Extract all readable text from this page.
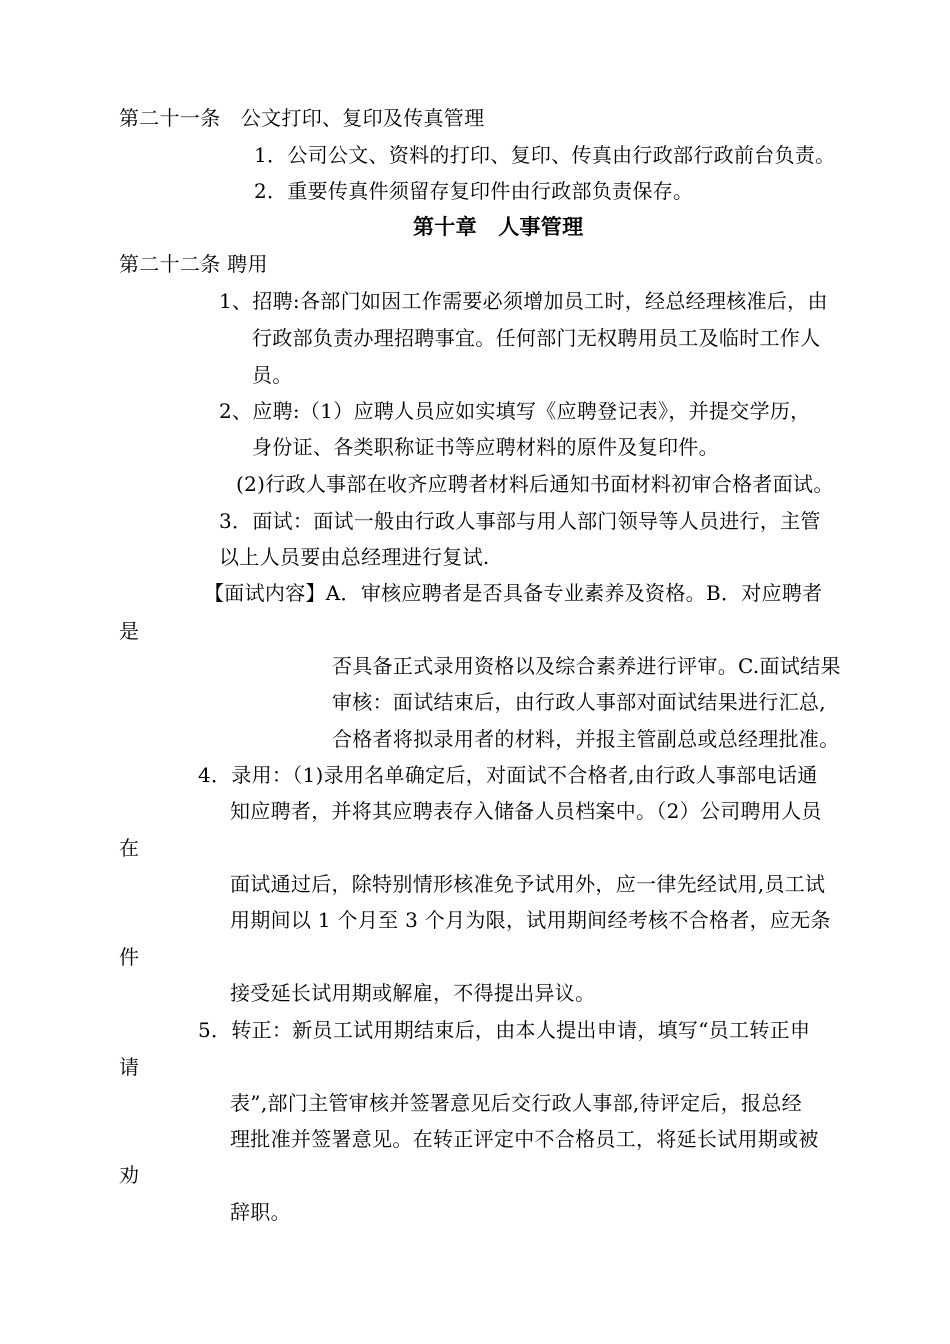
第二十一条　公文打印、复印及传真管理
1．公司公文、资料的打印、复印、传真由行政部行政前台负责。
2．重要传真件须留存复印件由行政部负责保存。
第十章　人事管理
第二十二条 聘用
1、招聘:各部门如因工作需要必须增加员工时，经总经理核准后，由
行政部负责办理招聘事宜。任何部门无权聘用员工及临时工作人
员。
2、应聘:（1）应聘人员应如实填写《应聘登记表》，并提交学历，
身份证、各类职称证书等应聘材料的原件及复印件。
(2)行政人事部在收齐应聘者材料后通知书面材料初审合格者面试。
3．面试：面试一般由行政人事部与用人部门领导等人员进行，主管
以上人员要由总经理进行复试.
【面试内容】A．审核应聘者是否具备专业素养及资格。B．对应聘者
是
否具备正式录用资格以及综合素养进行评审。C.面试结果
审核：面试结束后，由行政人事部对面试结果进行汇总,
合格者将拟录用者的材料，并报主管副总或总经理批准。
4．录用：（1)录用名单确定后，对面试不合格者,由行政人事部电话通
知应聘者，并将其应聘表存入储备人员档案中。（2）公司聘用人员
在
面试通过后，除特别情形核准免予试用外，应一律先经试用,员工试
用期间以 1 个月至 3 个月为限，试用期间经考核不合格者，应无条
件
接受延长试用期或解雇，不得提出异议。
5．转正：新员工试用期结束后，由本人提出申请，填写“员工转正申
请
表”,部门主管审核并签署意见后交行政人事部,待评定后，报总经
理批准并签署意见。在转正评定中不合格员工，将延长试用期或被
劝
辞职。
